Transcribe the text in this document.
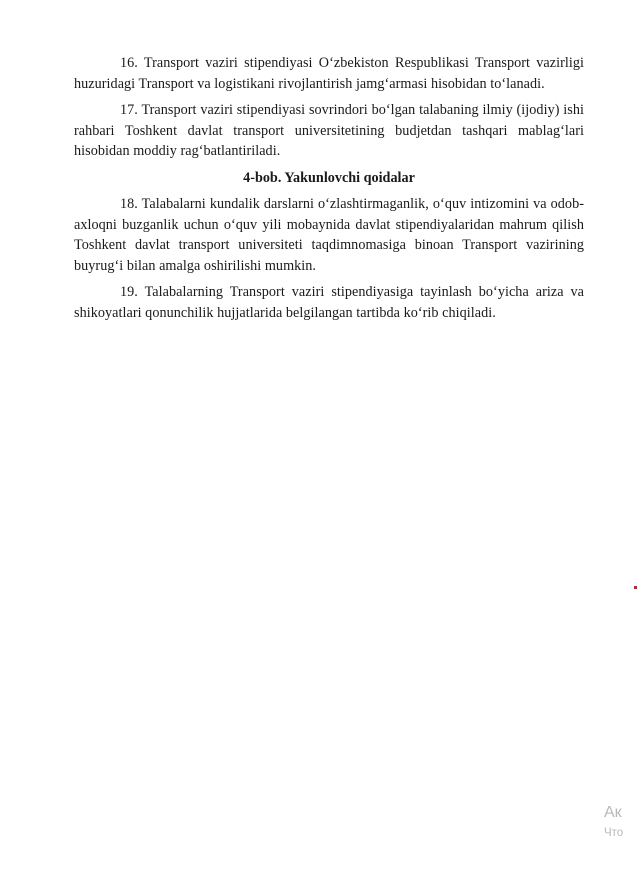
16. Transport vaziri stipendiyasi O‘zbekiston Respublikasi Transport vazirligi huzuridagi Transport va logistikani rivojlantirish jamg‘armasi hisobidan to‘lanadi.

17. Transport vaziri stipendiyasi sovrindori bo‘lgan talabaning ilmiy (ijodiy) ishi rahbari Toshkent davlat transport universitetining budjetdan tashqari mablag‘lari hisobidan moddiy rag‘batlantiriladi.

4-bob. Yakunlovchi qoidalar

18. Talabalarni kundalik darslarni o‘zlashtirmaganlik, o‘quv intizomini va odob-axloqni buzganlik uchun o‘quv yili mobaynida davlat stipendiyalaridan mahrum qilish Toshkent davlat transport universiteti taqdimnomasiga binoan Transport vazirining buyrug‘i bilan amalga oshirilishi mumkin.

19. Talabalarning Transport vaziri stipendiyasiga tayinlash bo‘yicha ariza va shikoyatlari qonunchilik hujjatlarida belgilangan tartibda ko‘rib chiqiladi.

Ак
Что
